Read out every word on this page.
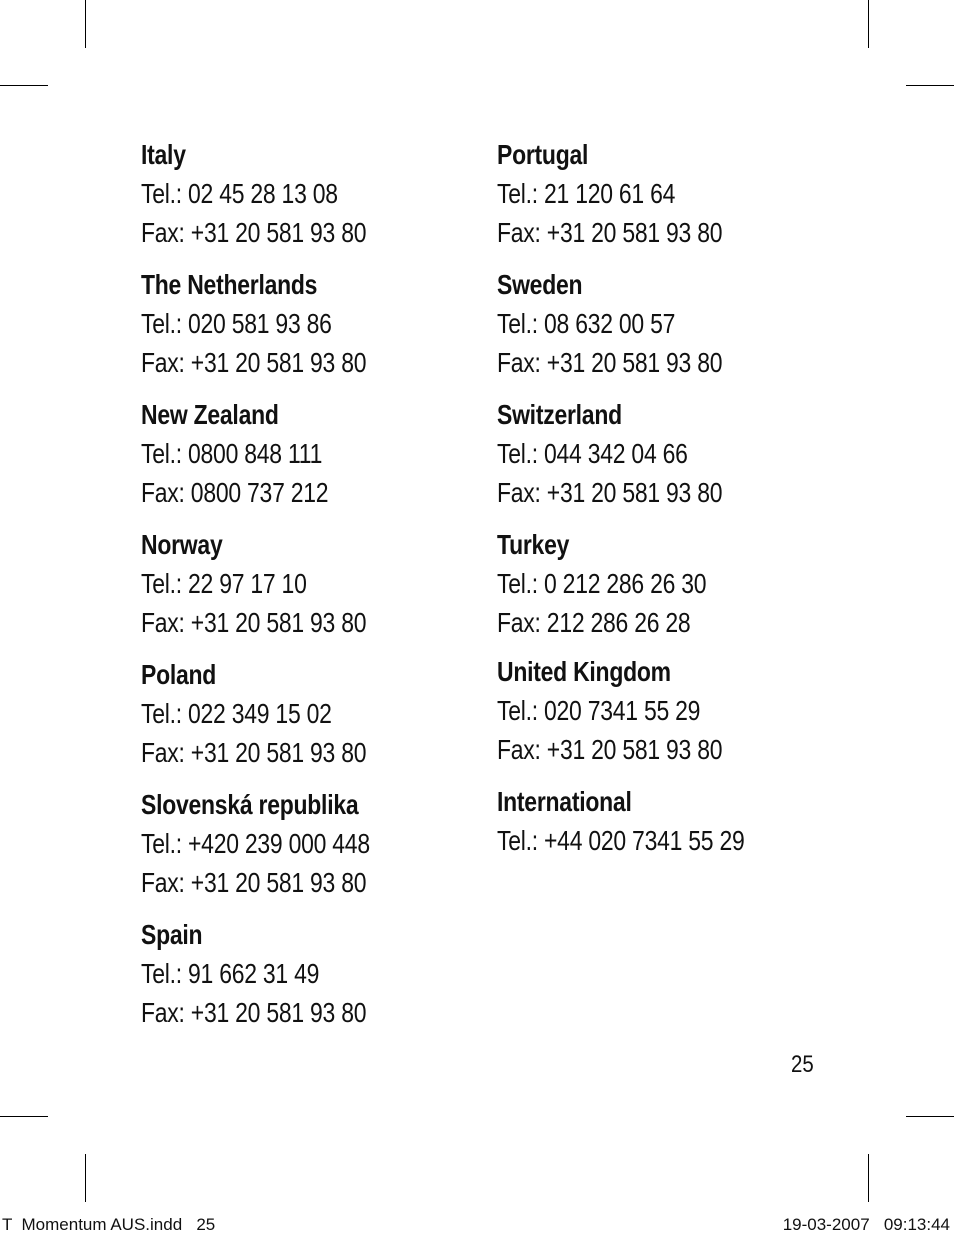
Italy
Tel.: 02 45 28 13 08
Fax: +31 20 581 93 80
The Netherlands
Tel.: 020 581 93 86
Fax: +31 20 581 93 80
New Zealand
Tel.: 0800 848 111
Fax: 0800 737 212
Norway
Tel.: 22 97 17 10
Fax: +31 20 581 93 80
Poland
Tel.: 022 349 15 02
Fax: +31 20 581 93 80
Slovenská republika
Tel.: +420 239 000 448
Fax: +31 20 581 93 80
Spain
Tel.: 91 662 31 49
Fax: +31 20 581 93 80
Portugal
Tel.: 21 120 61 64
Fax: +31 20 581 93 80
Sweden
Tel.: 08 632 00 57
Fax: +31 20 581 93 80
Switzerland
Tel.: 044 342 04 66
Fax: +31 20 581 93 80
Turkey
Tel.: 0 212 286 26 30
Fax: 212 286 26 28
United Kingdom
Tel.: 020 7341 55 29
Fax: +31 20 581 93 80
International
Tel.: +44 020 7341 55 29
25
T  Momentum AUS.indd   25	19-03-2007   09:13:44
